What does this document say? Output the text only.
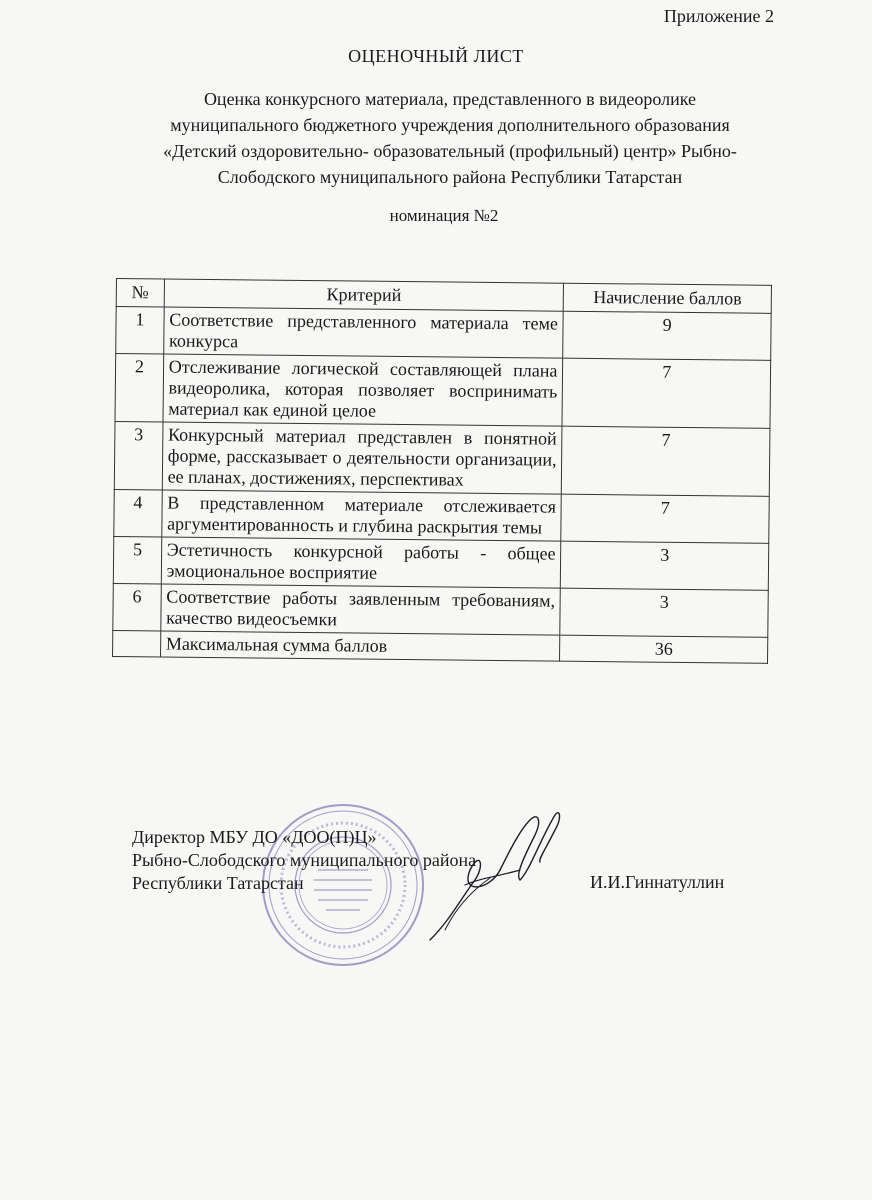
Приложение 2
ОЦЕНОЧНЫЙ ЛИСТ
Оценка конкурсного материала, представленного в видеоролике
муниципального бюджетного учреждения дополнительного образования
«Детский оздоровительно- образовательный (профильный) центр» Рыбно-
Слободского муниципального района Республики Татарстан
номинация №2
№	Критерий	Начисление баллов
1	Соответствие представленного материала теме конкурса	9
2	Отслеживание логической составляющей плана видеоролика, которая позволяет воспринимать материал как единой целое	7
3	Конкурсный материал представлен в понятной форме, рассказывает о деятельности организации, ее планах, достижениях, перспективах	7
4	В представленном материале отслеживается аргументированность и глубина раскрытия темы	7
5	Эстетичность конкурсной работы - общее эмоциональное восприятие	3
6	Соответствие работы заявленным требованиям, качество видеосъемки	3
	Максимальная сумма баллов	36
Директор МБУ ДО «ДОО(П)Ц»
Рыбно-Слободского муниципального района
Республики Татарстан	И.И.Гиннатуллин
